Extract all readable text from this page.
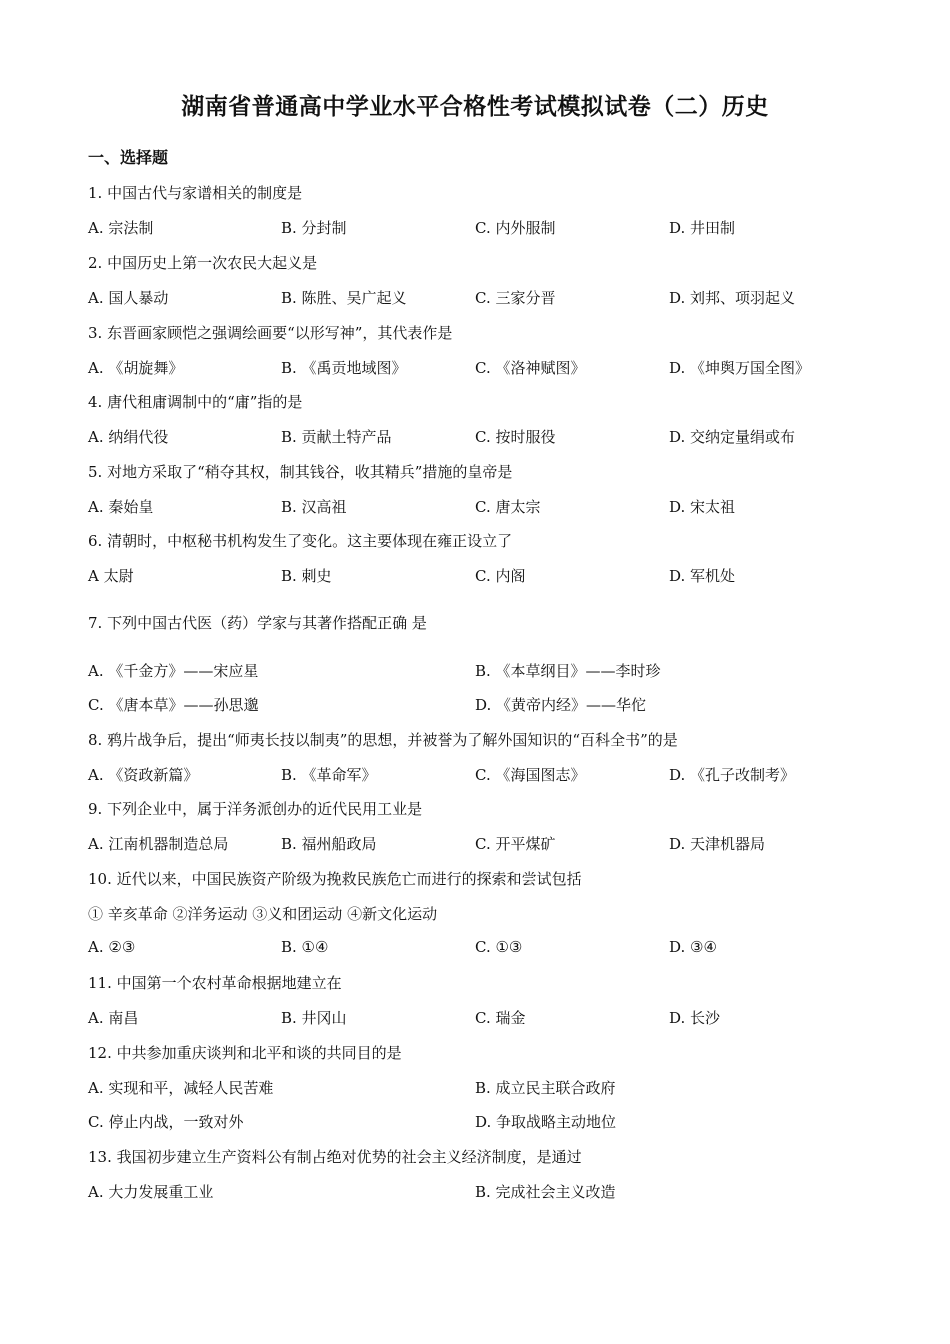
湖南省普通高中学业水平合格性考试模拟试卷（二）历史
一、选择题
1. 中国古代与家谱相关的制度是
A. 宗法制	B. 分封制	C. 内外服制	D. 井田制
2. 中国历史上第一次农民大起义是
A. 国人暴动	B. 陈胜、吴广起义	C. 三家分晋	D. 刘邦、项羽起义
3. 东晋画家顾恺之强调绘画要“以形写神”，其代表作是
A. 《胡旋舞》	B. 《禹贡地域图》	C. 《洛神赋图》	D. 《坤舆万国全图》
4. 唐代租庸调制中的“庸”指的是
A. 纳绢代役	B. 贡献土特产品	C. 按时服役	D. 交纳定量绢或布
5. 对地方采取了“稍夺其权，制其钱谷，收其精兵”措施的皇帝是
A. 秦始皇	B. 汉高祖	C. 唐太宗	D. 宋太祖
6. 清朝时，中枢秘书机构发生了变化。这主要体现在雍正设立了
A 太尉	B. 刺史	C. 内阁	D. 军机处
7. 下列中国古代医（药）学家与其著作搭配正确 是
A. 《千金方》——宋应星	B. 《本草纲目》——李时珍
C. 《唐本草》——孙思邈	D. 《黄帝内经》——华佗
8. 鸦片战争后，提出“师夷长技以制夷”的思想，并被誉为了解外国知识的“百科全书”的是
A. 《资政新篇》	B. 《革命军》	C. 《海国图志》	D. 《孔子改制考》
9. 下列企业中，属于洋务派创办的近代民用工业是
A. 江南机器制造总局	B. 福州船政局	C. 开平煤矿	D. 天津机器局
10. 近代以来，中国民族资产阶级为挽救民族危亡而进行的探索和尝试包括
① 辛亥革命 ②洋务运动 ③义和团运动 ④新文化运动
A. ②③	B. ①④	C. ①③	D. ③④
11. 中国第一个农村革命根据地建立在
A. 南昌	B. 井冈山	C. 瑞金	D. 长沙
12. 中共参加重庆谈判和北平和谈的共同目的是
A. 实现和平，减轻人民苦难	B. 成立民主联合政府
C. 停止内战，一致对外	D. 争取战略主动地位
13. 我国初步建立生产资料公有制占绝对优势的社会主义经济制度，是通过
A. 大力发展重工业	B. 完成社会主义改造
